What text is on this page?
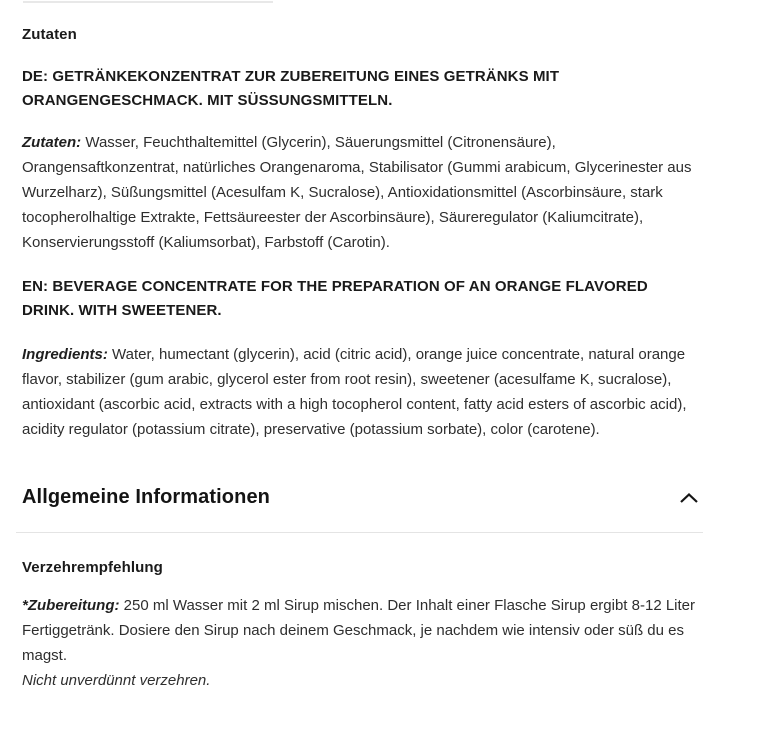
Zutaten

DE: GETRÄNKEKONZENTRAT ZUR ZUBEREITUNG EINES GETRÄNKS MIT ORANGENGESCHMACK. MIT SÜSSUNGSMITTELN.

Zutaten: Wasser, Feuchthaltemittel (Glycerin), Säuerungsmittel (Citronensäure), Orangensaftkonzentrat, natürliches Orangenaroma, Stabilisator (Gummi arabicum, Glycerinester aus Wurzelharz), Süßungsmittel (Acesulfam K, Sucralose), Antioxidationsmittel (Ascorbinsäure, stark tocopherolhaltige Extrakte, Fettsäureester der Ascorbinsäure), Säureregulator (Kaliumcitrate), Konservierungsstoff (Kaliumsorbat), Farbstoff (Carotin).

EN: BEVERAGE CONCENTRATE FOR THE PREPARATION OF AN ORANGE FLAVORED DRINK. WITH SWEETENER.

Ingredients: Water, humectant (glycerin), acid (citric acid), orange juice concentrate, natural orange flavor, stabilizer (gum arabic, glycerol ester from root resin), sweetener (acesulfame K, sucralose), antioxidant (ascorbic acid, extracts with a high tocopherol content, fatty acid esters of ascorbic acid), acidity regulator (potassium citrate), preservative (potassium sorbate), color (carotene).

Allgemeine Informationen
Verzehrempfehlung

*Zubereitung: 250 ml Wasser mit 2 ml Sirup mischen. Der Inhalt einer Flasche Sirup ergibt 8-12 Liter Fertiggetränk. Dosiere den Sirup nach deinem Geschmack, je nachdem wie intensiv oder süß du es magst.

Nicht unverdünnt verzehren.
